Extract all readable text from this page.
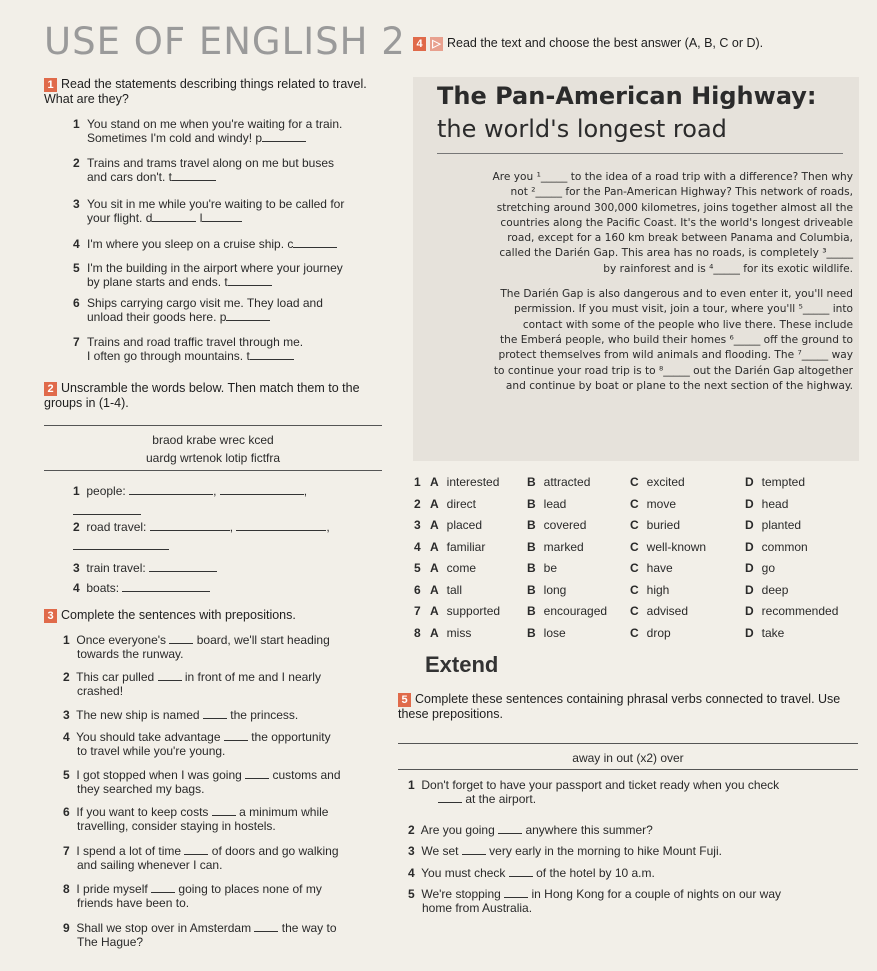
USE OF ENGLISH 2
1 Read the statements describing things related to travel. What are they?
1 You stand on me when you're waiting for a train.
Sometimes I'm cold and windy! p
2 Trains and trams travel along on me but buses
and cars don't. t
3 You sit in me while you're waiting to be called for
your flight. d	l
4 I'm where you sleep on a cruise ship. c
5 I'm the building in the airport where your journey
by plane starts and ends. t
6 Ships carrying cargo visit me. They load and
unload their goods here. p
7 Trains and road traffic travel through me.
I often go through mountains. t
2 Unscramble the words below. Then match them to the groups in (1-4).
braod krabe wrec kced
uardg wrtenok lotip fictfra
1 people:	,	,
2 road travel:	,	,
3 train travel:
4 boats:
3 Complete the sentences with prepositions.
1 Once everyone's	board, we'll start heading
towards the runway.
2 This car pulled	in front of me and I nearly
crashed!
3 The new ship is named	the princess.
4 You should take advantage	the opportunity
to travel while you're young.
5 I got stopped when I was going	customs and
they searched my bags.
6 If you want to keep costs	a minimum while
travelling, consider staying in hostels.
7 I spend a lot of time	of doors and go walking
and sailing whenever I can.
8 I pride myself	going to places none of my
friends have been to.
9 Shall we stop over in Amsterdam	the way to
The Hague?
4 ▷ Read the text and choose the best answer (A, B, C or D).
The Pan-American Highway:
the world's longest road
Are you ¹_____ to the idea of a road trip with a difference? Then why
not ²_____ for the Pan-American Highway? This network of roads,
stretching around 300,000 kilometres, joins together almost all the
countries along the Pacific Coast. It's the world's longest driveable
road, except for a 160 km break between Panama and Columbia,
called the Darién Gap. This area has no roads, is completely ³_____
by rainforest and is ⁴_____ for its exotic wildlife.
The Darién Gap is also dangerous and to even enter it, you'll need
permission. If you must visit, join a tour, where you'll ⁵_____ into
contact with some of the people who live there. These include
the Emberá people, who build their homes ⁶_____ off the ground to
protect themselves from wild animals and flooding. The ⁷_____ way
to continue your road trip is to ⁸_____ out the Darién Gap altogether
and continue by boat or plane to the next section of the highway.
1 A interested B attracted	C excited	D tempted
2 A direct	B lead	C move	D head
3 A placed	B covered	C buried	D planted
4 A familiar	B marked	C well-known	D common
5 A come	B be	C have	D go
6 A tall	B long	C high	D deep
7 A supported B encouraged C advised	D recommended
8 A miss	B lose	C drop	D take
Extend
5 Complete these sentences containing phrasal verbs connected to travel. Use these prepositions.
away in out (x2) over
1 Don't forget to have your passport and ticket ready when you check
at the airport.
2 Are you going	anywhere this summer?
3 We set	very early in the morning to hike Mount Fuji.
4 You must check	of the hotel by 10 a.m.
5 We're stopping	in Hong Kong for a couple of nights on our way
home from Australia.
